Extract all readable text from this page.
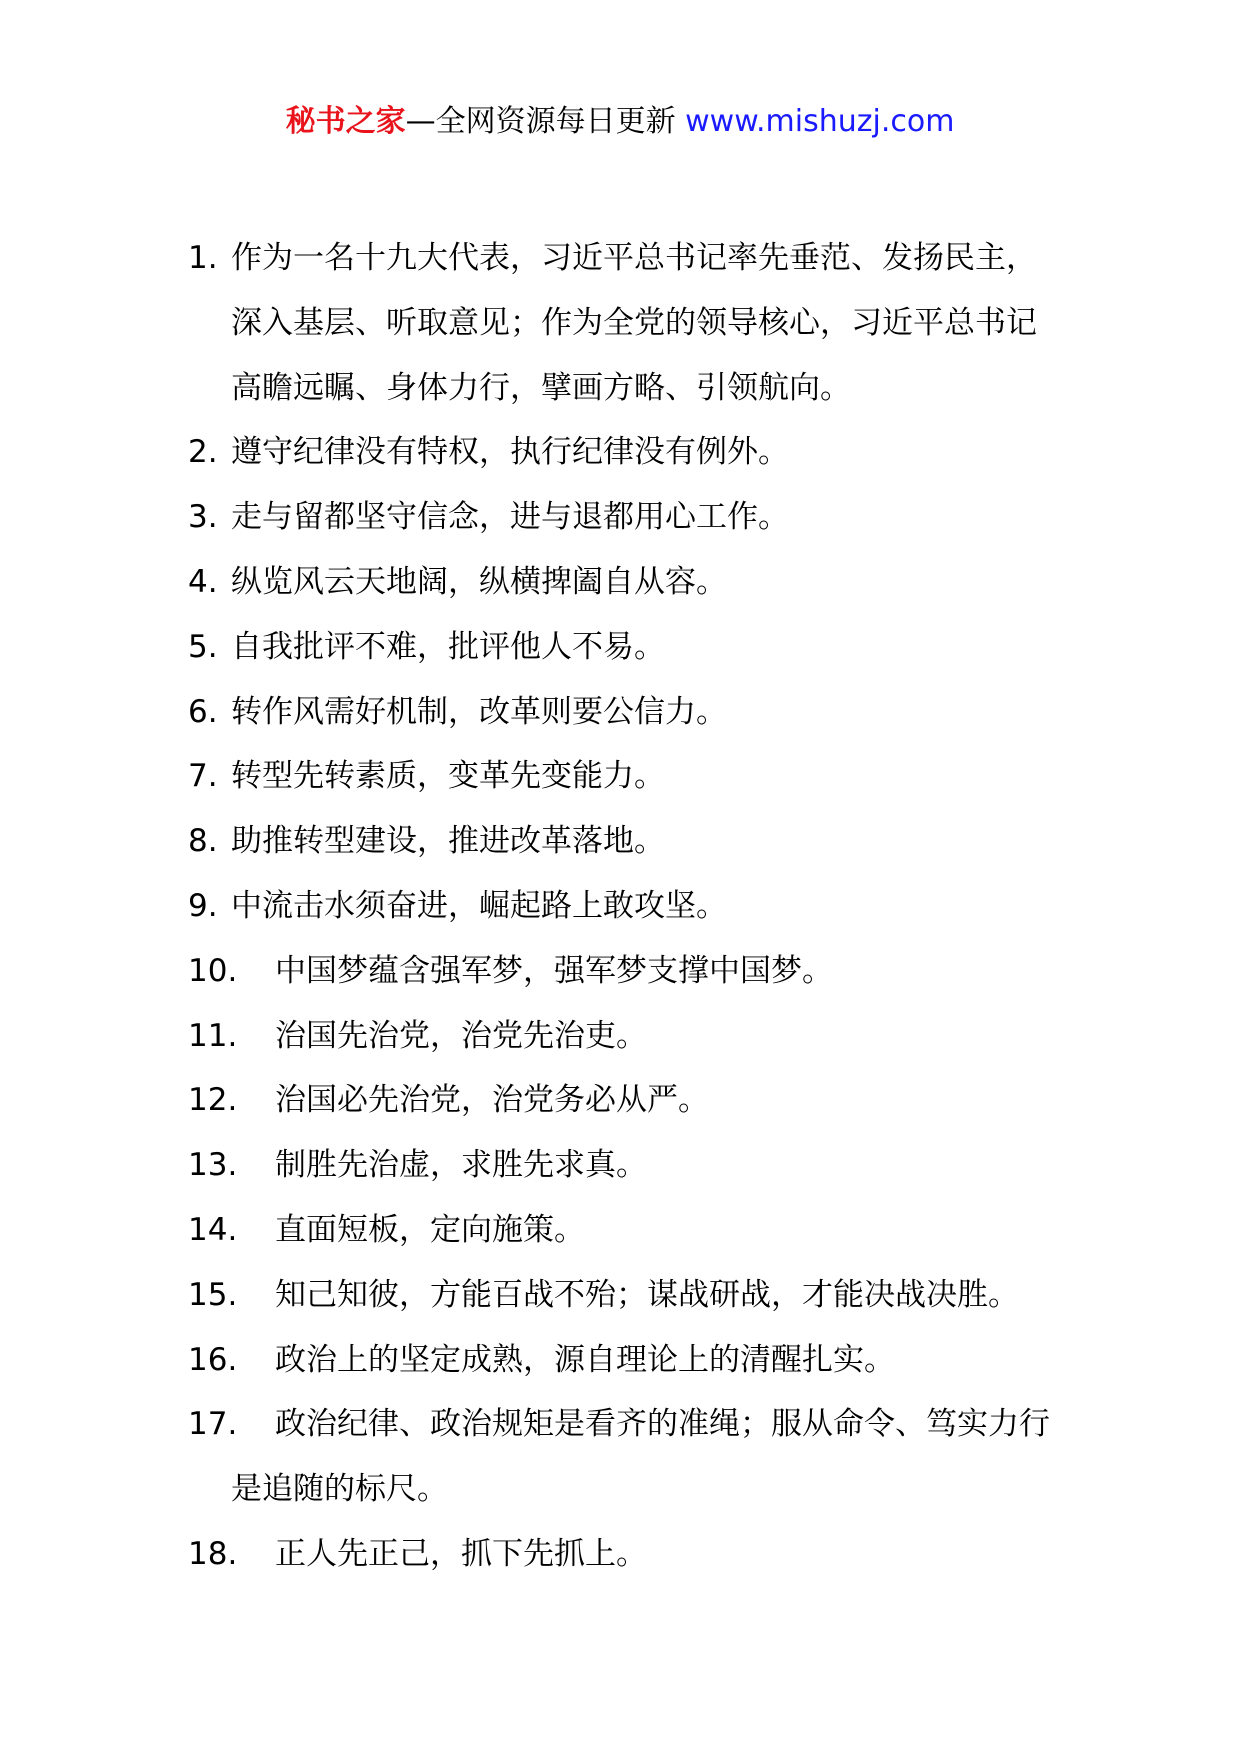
秘书之家—全网资源每日更新 www.mishuzj.com
1. 作为一名十九大代表，习近平总书记率先垂范、发扬民主，深入基层、听取意见；作为全党的领导核心，习近平总书记高瞻远瞩、身体力行，擘画方略、引领航向。
2. 遵守纪律没有特权，执行纪律没有例外。
3. 走与留都坚守信念，进与退都用心工作。
4. 纵览风云天地阔，纵横捭阖自从容。
5. 自我批评不难，批评他人不易。
6. 转作风需好机制，改革则要公信力。
7. 转型先转素质，变革先变能力。
8. 助推转型建设，推进改革落地。
9. 中流击水须奋进，崛起路上敢攻坚。
10.	中国梦蕴含强军梦，强军梦支撑中国梦。
11.	治国先治党，治党先治吏。
12.	治国必先治党，治党务必从严。
13.	制胜先治虚，求胜先求真。
14.	直面短板，定向施策。
15.	知己知彼，方能百战不殆；谋战研战，才能决战决胜。
16.	政治上的坚定成熟，源自理论上的清醒扎实。
17.	政治纪律、政治规矩是看齐的准绳；服从命令、笃实力行是追随的标尺。
18.	正人先正己，抓下先抓上。
